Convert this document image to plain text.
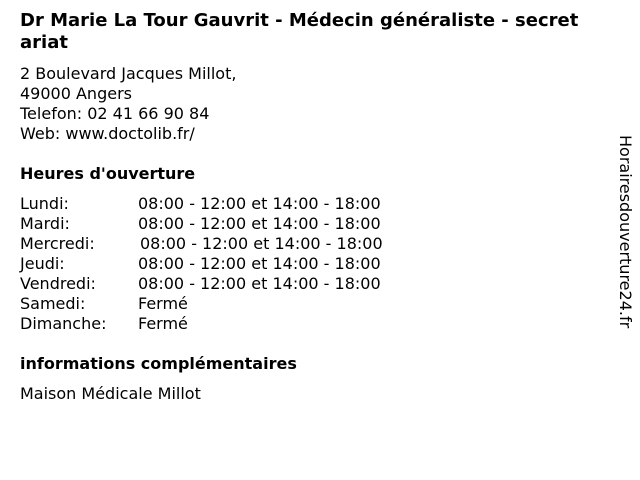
Dr Marie La Tour Gauvrit - Médecin généraliste - secretariat
2 Boulevard Jacques Millot,
49000 Angers
Telefon: 02 41 66 90 84
Web: www.doctolib.fr/
Heures d'ouverture
Lundi:	08:00 - 12:00 et 14:00 - 18:00
Mardi:	08:00 - 12:00 et 14:00 - 18:00
Mercredi:	08:00 - 12:00 et 14:00 - 18:00
Jeudi:	08:00 - 12:00 et 14:00 - 18:00
Vendredi:	08:00 - 12:00 et 14:00 - 18:00
Samedi:	Fermé
Dimanche: Fermé
informations complémentaires
Maison Médicale Millot
Horairesdouverture24.fr
